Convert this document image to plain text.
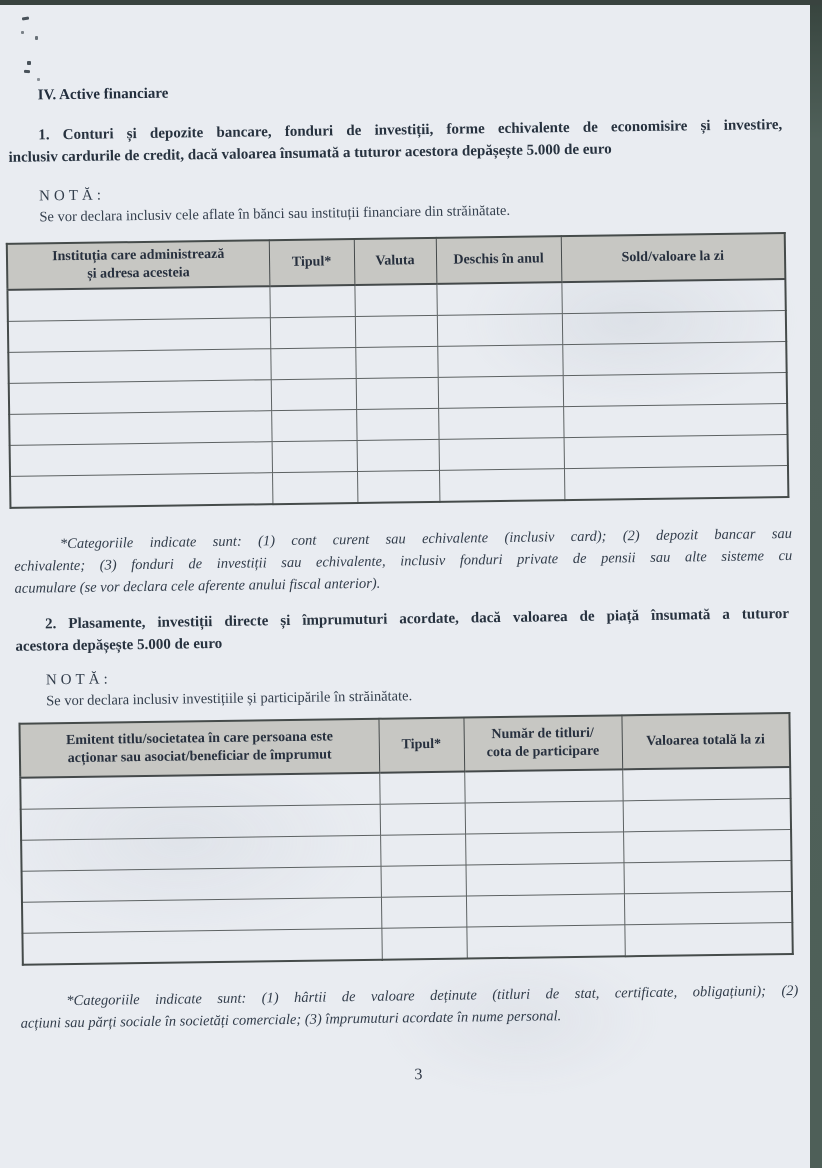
IV. Active financiare
1. Conturi și depozite bancare, fonduri de investiții, forme echivalente de economisire și investire,
inclusiv cardurile de credit, dacă valoarea însumată a tuturor acestora depășește 5.000 de euro
NOTĂ:
Se vor declara inclusiv cele aflate în bănci sau instituții financiare din străinătate.
Instituția care administrează
și adresa acesteia	Tipul*	Valuta	Deschis în anul	Sold/valoare la zi

*Categoriile indicate sunt: (1) cont curent sau echivalente (inclusiv card); (2) depozit bancar sau
echivalente; (3) fonduri de investiții sau echivalente, inclusiv fonduri private de pensii sau alte sisteme cu
acumulare (se vor declara cele aferente anului fiscal anterior).
2. Plasamente, investiții directe și împrumuturi acordate, dacă valoarea de piață însumată a tuturor
acestora depășește 5.000 de euro
NOTĂ:
Se vor declara inclusiv investițiile și participările în străinătate.
Emitent titlu/societatea în care persoana este
acționar sau asociat/beneficiar de împrumut	Tipul*	Număr de titluri/
cota de participare	Valoarea totală la zi

*Categoriile indicate sunt: (1) hârtii de valoare deținute (titluri de stat, certificate, obligațiuni); (2)
acțiuni sau părți sociale în societăți comerciale; (3) împrumuturi acordate în nume personal.
3
